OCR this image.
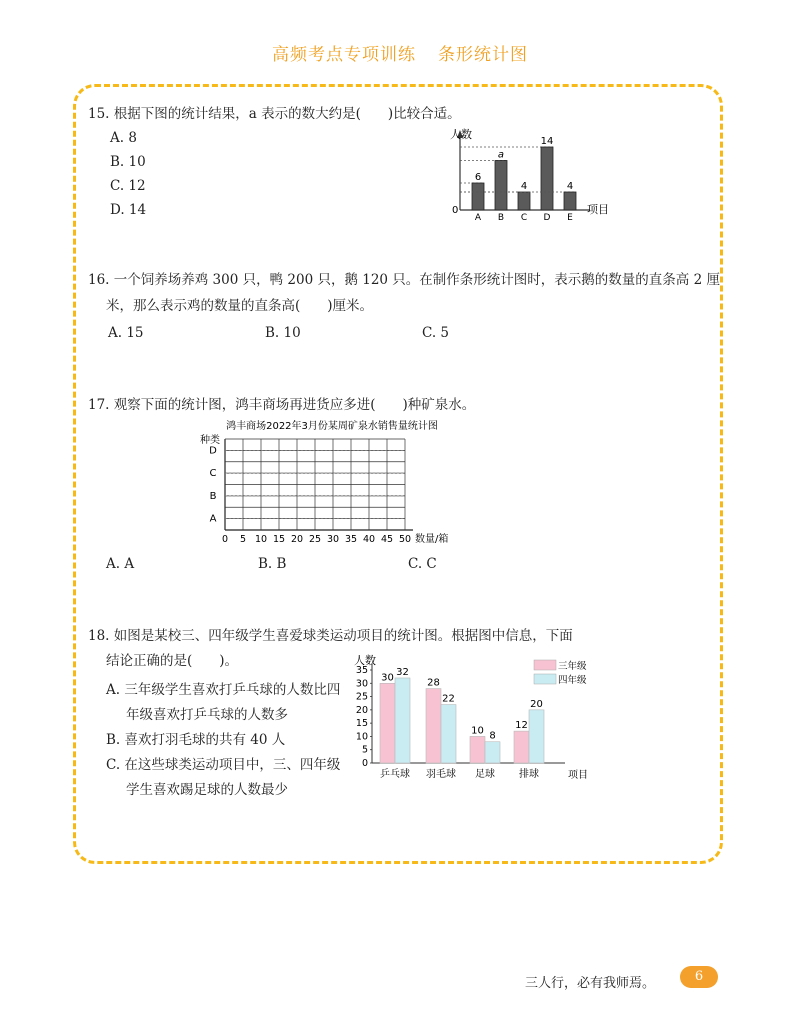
高频考点专项训练 条形统计图
15. 根据下图的统计结果，a 表示的数大约是(　　)比较合适。
A. 8
B. 10
C. 12
D. 14
人数
项目
0
6
A
a
B
4
C
14
D
4
E
16. 一个饲养场养鸡 300 只，鸭 200 只，鹅 120 只。在制作条形统计图时，表示鹅的数量的直条高 2 厘
米，那么表示鸡的数量的直条高(　　)厘米。
A. 15	B. 10	C. 5
17. 观察下面的统计图，鸿丰商场再进货应多进(　　)种矿泉水。
鸿丰商场2022年3月份某周矿泉水销售量统计图
种类
0 5 10 15 20 25 30 35 40 45 50
A
B
C
D
数量/箱
A. A	B. B	C. C
18. 如图是某校三、四年级学生喜爱球类运动项目的统计图。根据图中信息，下面
结论正确的是(　　)。
A. 三年级学生喜欢打乒乓球的人数比四
年级喜欢打乒乓球的人数多
B. 喜欢打羽毛球的共有 40 人
C. 在这些球类运动项目中，三、四年级
学生喜欢踢足球的人数最少
人数
项目
0
5
10
15
20
25
30
35
30 32
乒乓球
28
22
羽毛球
10 8
足球
12
20
排球
三年级
四年级
三人行，必有我师焉。	6
